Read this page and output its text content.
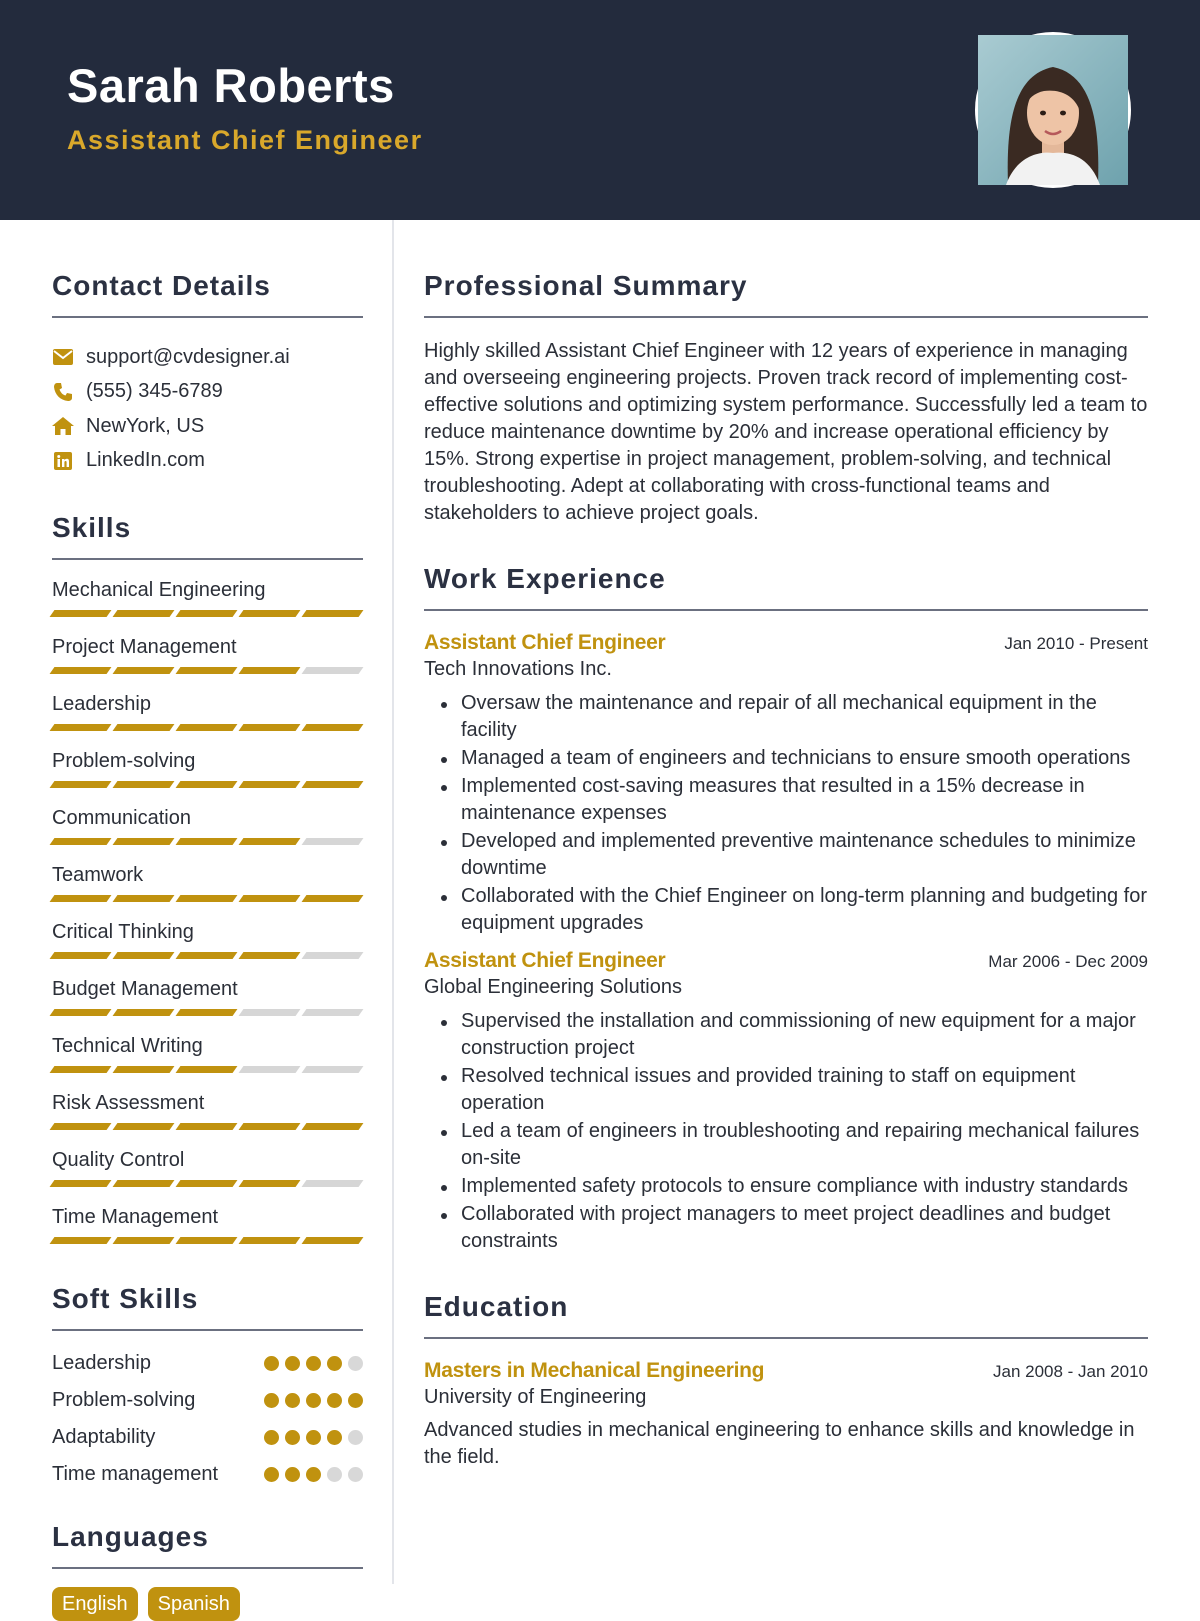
Sarah Roberts
Assistant Chief Engineer
Contact Details
support@cvdesigner.ai
(555) 345-6789
NewYork, US
LinkedIn.com
Skills
Mechanical Engineering
Project Management
Leadership
Problem-solving
Communication
Teamwork
Critical Thinking
Budget Management
Technical Writing
Risk Assessment
Quality Control
Time Management
Soft Skills
Leadership
Problem-solving
Adaptability
Time management
Languages
English	Spanish
Professional Summary

Highly skilled Assistant Chief Engineer with 12 years of experience in managing and overseeing engineering projects. Proven track record of implementing cost-effective solutions and optimizing system performance. Successfully led a team to reduce maintenance downtime by 20% and increase operational efficiency by 15%. Strong expertise in project management, problem-solving, and technical troubleshooting. Adept at collaborating with cross-functional teams and stakeholders to achieve project goals.

Work Experience
Assistant Chief Engineer	Jan 2010 - Present
Tech Innovations Inc.
Oversaw the maintenance and repair of all mechanical equipment in the facility
Managed a team of engineers and technicians to ensure smooth operations
Implemented cost-saving measures that resulted in a 15% decrease in maintenance expenses
Developed and implemented preventive maintenance schedules to minimize downtime
Collaborated with the Chief Engineer on long-term planning and budgeting for equipment upgrades
Assistant Chief Engineer	Mar 2006 - Dec 2009
Global Engineering Solutions
Supervised the installation and commissioning of new equipment for a major construction project
Resolved technical issues and provided training to staff on equipment operation
Led a team of engineers in troubleshooting and repairing mechanical failures on-site
Implemented safety protocols to ensure compliance with industry standards
Collaborated with project managers to meet project deadlines and budget constraints
Education
Masters in Mechanical Engineering	Jan 2008 - Jan 2010
University of Engineering

Advanced studies in mechanical engineering to enhance skills and knowledge in the field.
